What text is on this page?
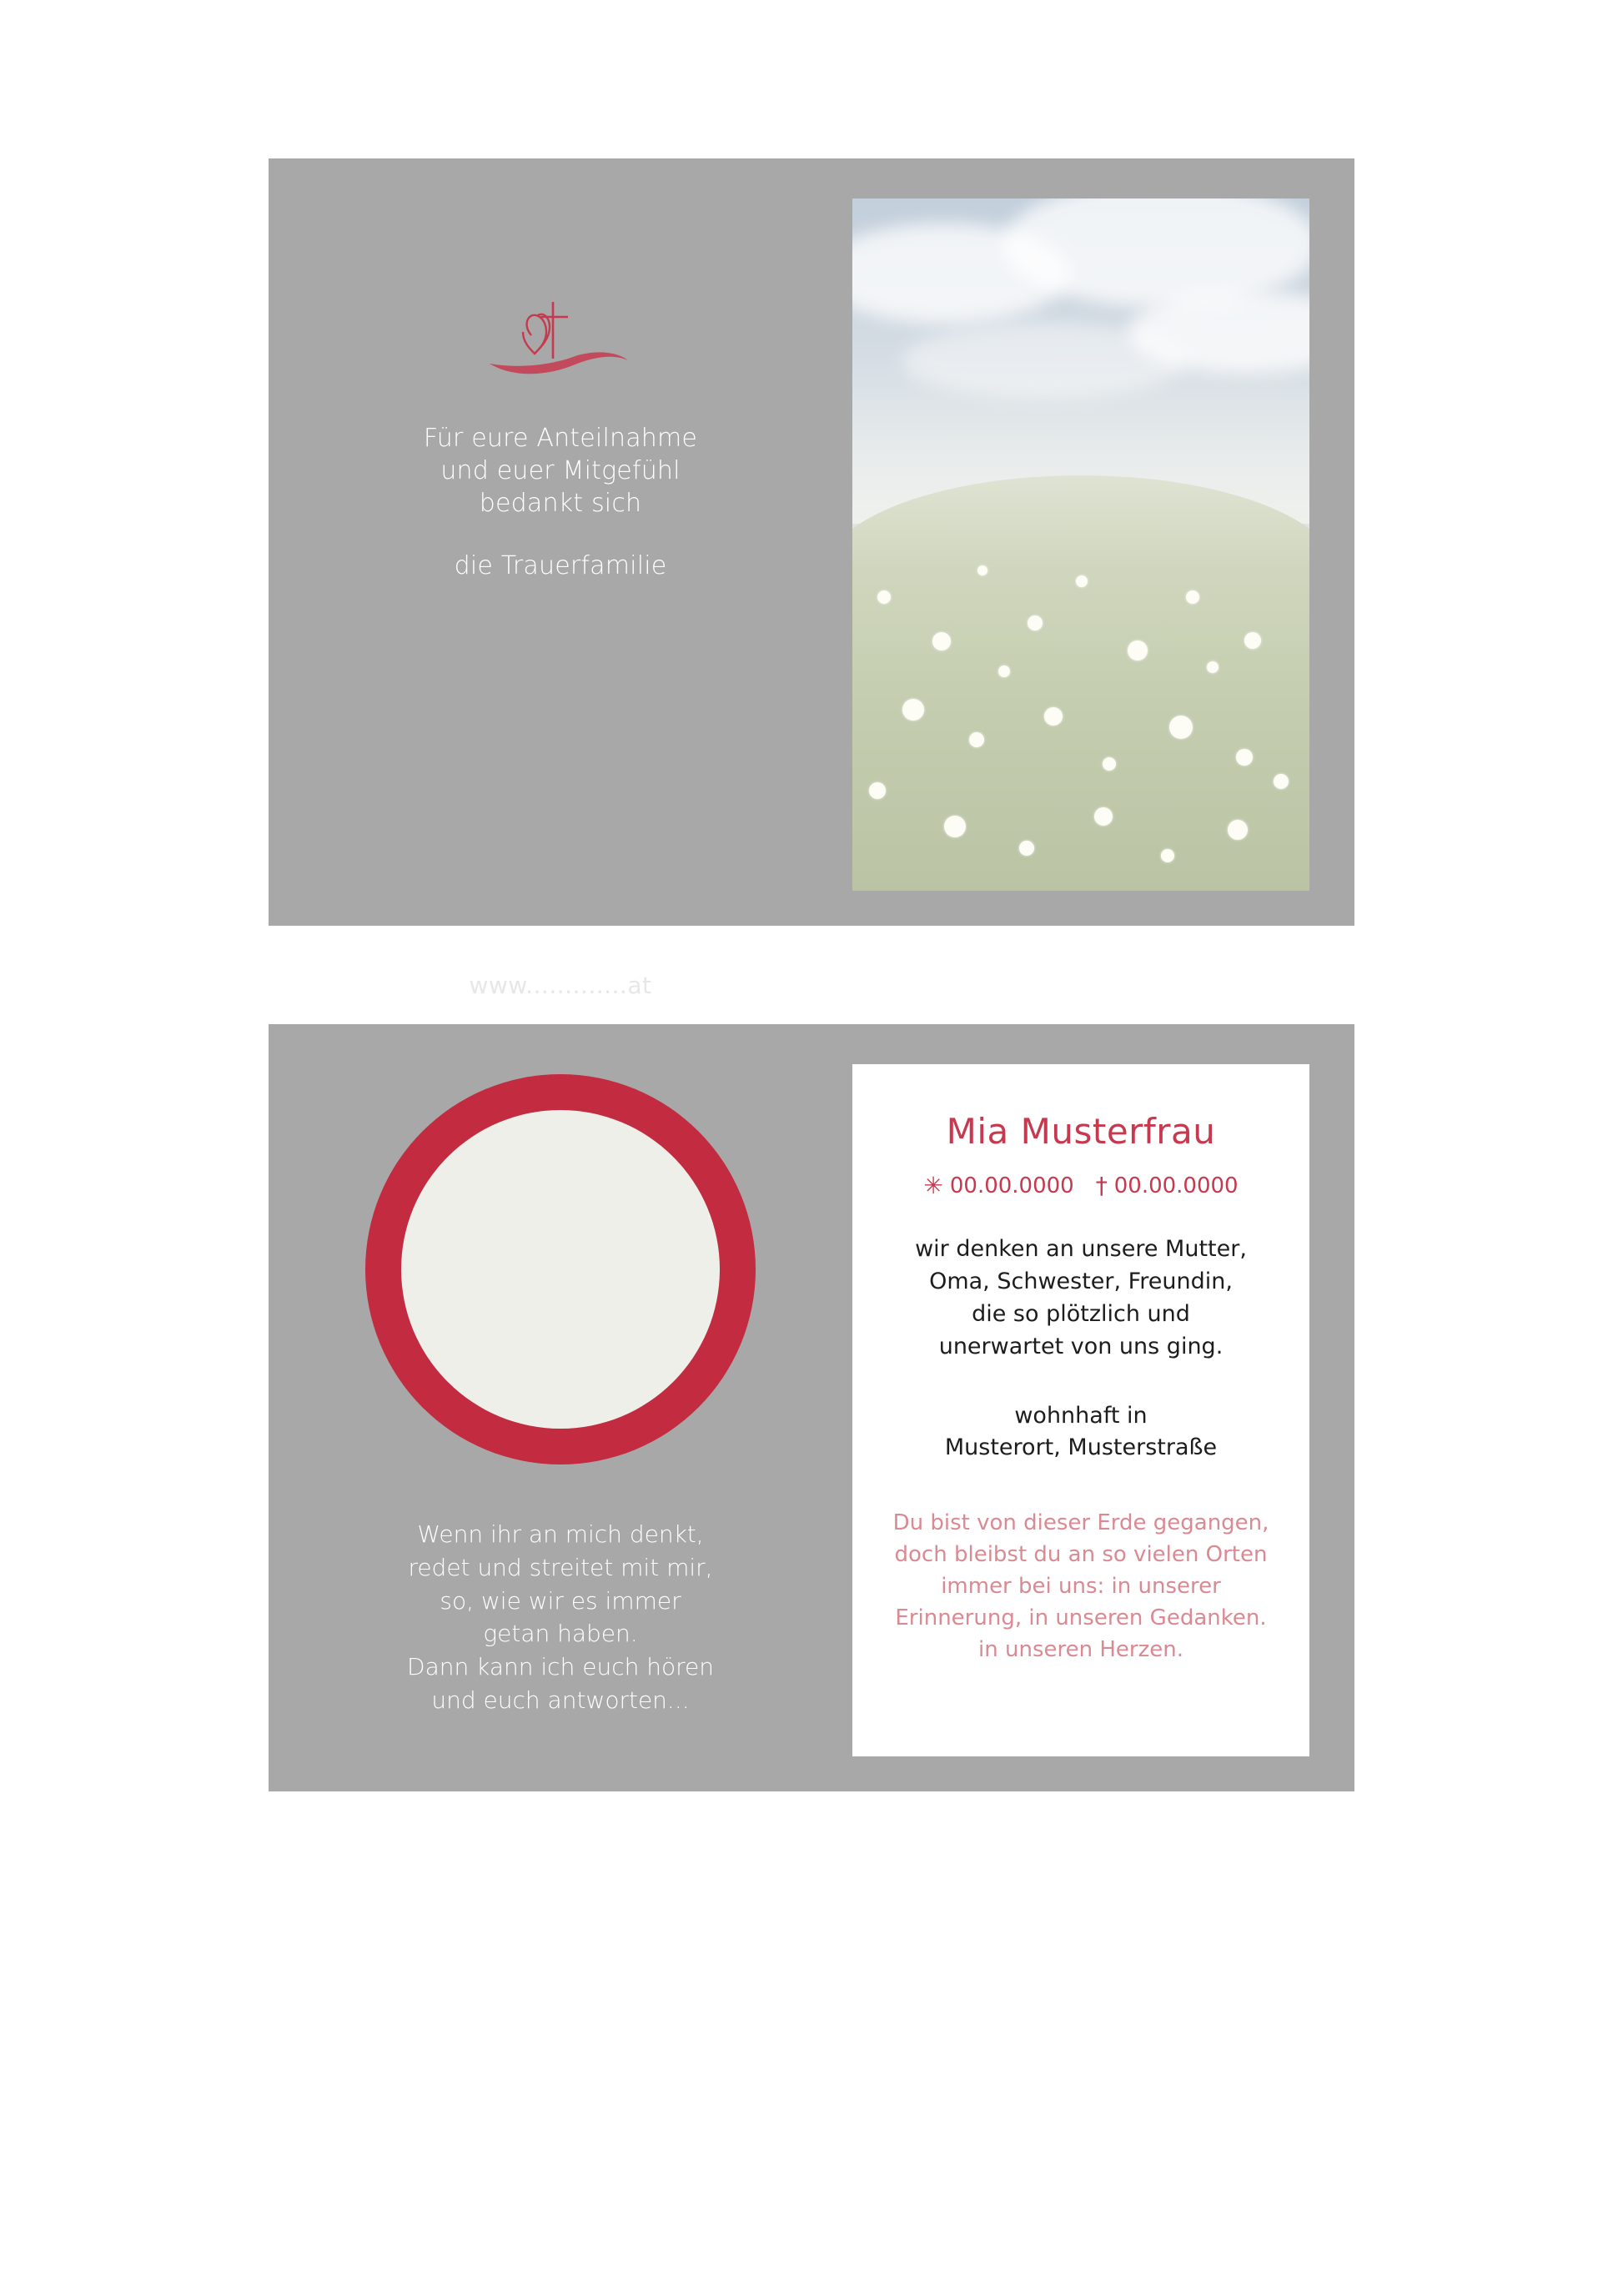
Für eure Anteilnahme
und euer Mitgefühl
bedankt sich
die Trauerfamilie
www.............at
Wenn ihr an mich denkt,
redet und streitet mit mir,
so, wie wir es immer
getan haben.
Dann kann ich euch hören
und euch antworten...
Mia Musterfrau
✳ 00.00.0000 † 00.00.0000
wir denken an unsere Mutter,
Oma, Schwester, Freundin,
die so plötzlich und
unerwartet von uns ging.
wohnhaft in
Musterort, Musterstraße
Du bist von dieser Erde gegangen,
doch bleibst du an so vielen Orten
immer bei uns: in unserer
Erinnerung, in unseren Gedanken.
in unseren Herzen.
